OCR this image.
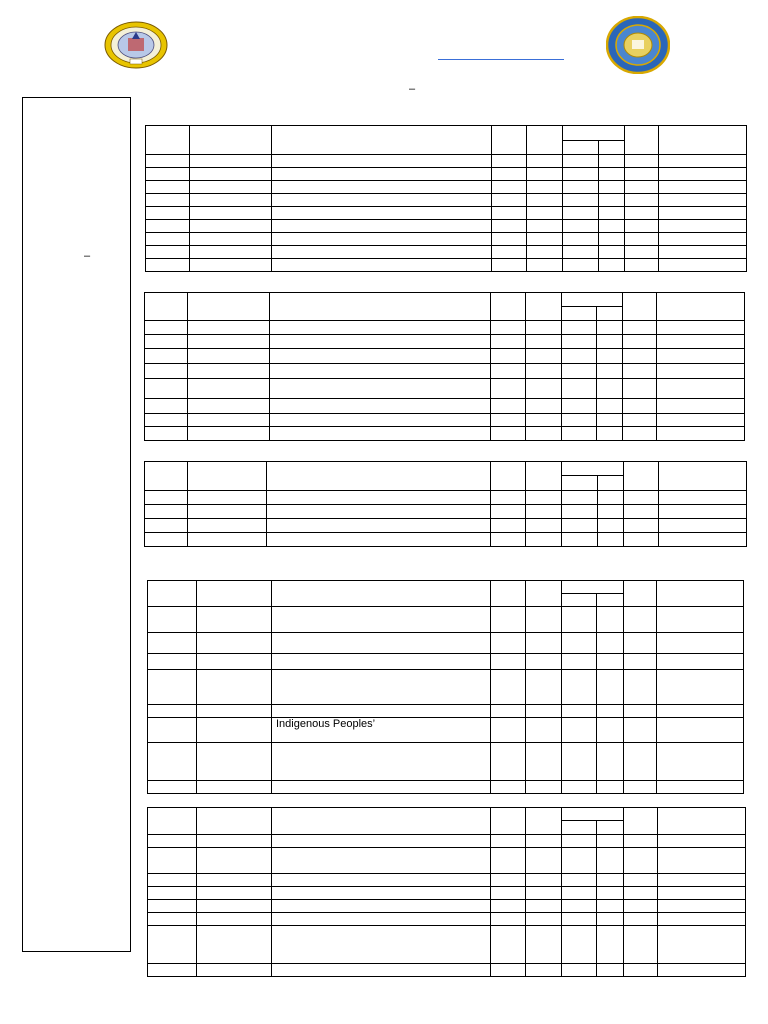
–
–

		Indigenous Peoples’						
